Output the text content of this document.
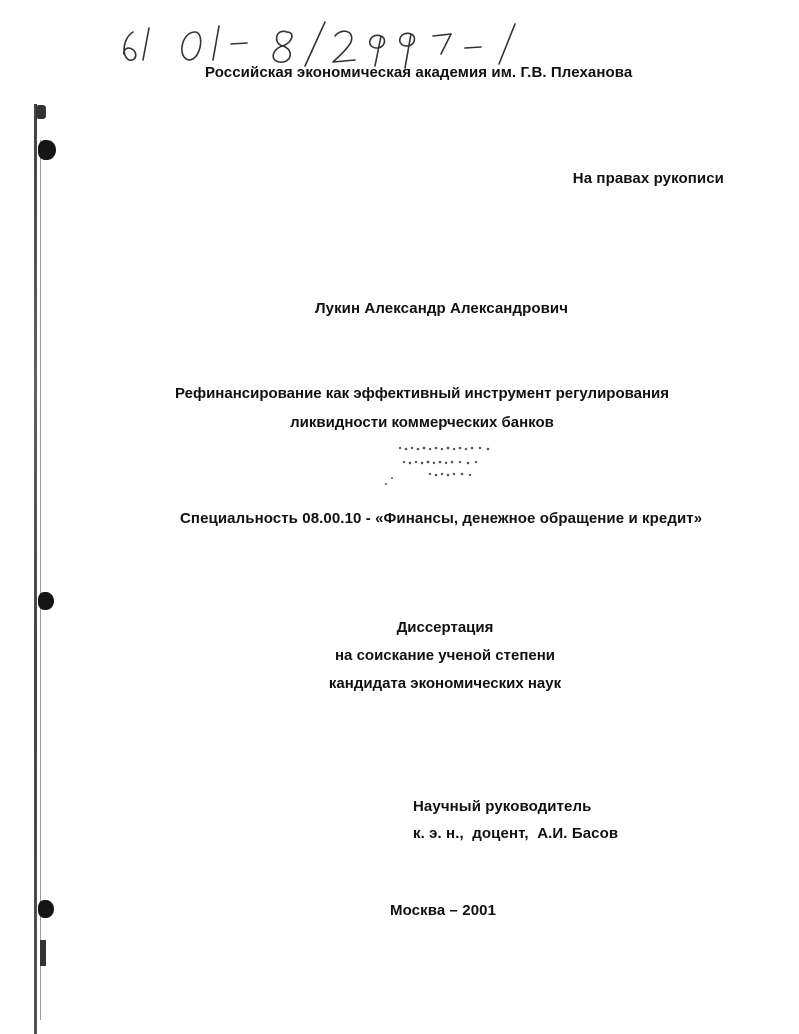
Российская экономическая академия им. Г.В. Плеханова
На правах рукописи
Лукин Александр Александрович
Рефинансирование как эффективный инструмент регулирования
ликвидности коммерческих банков
Специальность 08.00.10 - «Финансы, денежное обращение и кредит»
Диссертация
на соискание ученой степени
кандидата экономических наук
Научный руководитель
к. э. н.,  доцент,  А.И. Басов
Москва – 2001
